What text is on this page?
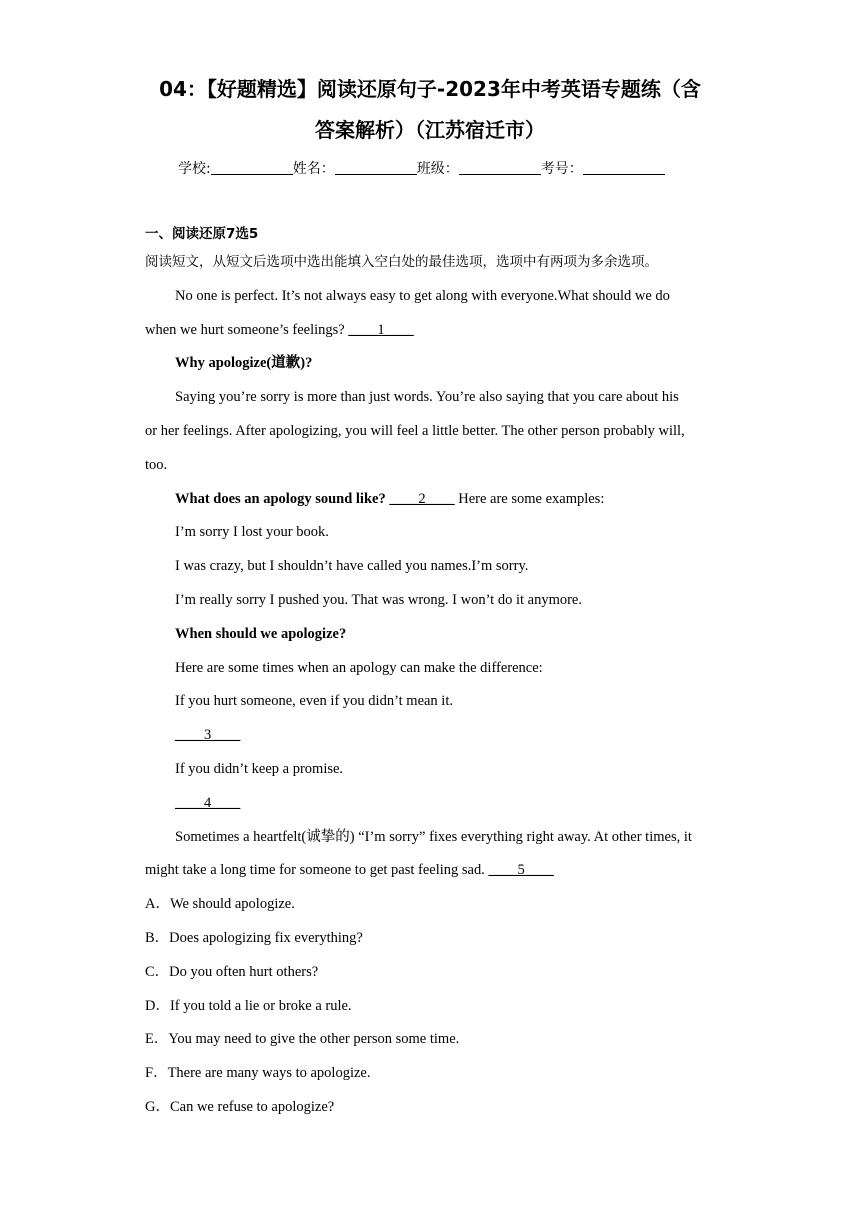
04：【好题精选】阅读还原句子-2023年中考英语专题练（含
答案解析）（江苏宿迁市）
学校:	姓名：	班级：	考号：
一、阅读还原7选5
阅读短文，从短文后选项中选出能填入空白处的最佳选项，选项中有两项为多余选项。
No one is perfect. It’s not always easy to get along with everyone.What should we do
when we hurt someone’s feelings? ____1____
Why apologize(道歉)?
Saying you’re sorry is more than just words. You’re also saying that you care about his
or her feelings. After apologizing, you will feel a little better. The other person probably will,
too.
What does an apology sound like? ____2____ Here are some examples:
I’m sorry I lost your book.
I was crazy, but I shouldn’t have called you names.I’m sorry.
I’m really sorry I pushed you. That was wrong. I won’t do it anymore.
When should we apologize?
Here are some times when an apology can make the difference:
If you hurt someone, even if you didn’t mean it.
____3____
If you didn’t keep a promise.
____4____
Sometimes a heartfelt(诚挚的) “I’m sorry” fixes everything right away. At other times, it
might take a long time for someone to get past feeling sad. ____5____
A．We should apologize.
B．Does apologizing fix everything?
C．Do you often hurt others?
D．If you told a lie or broke a rule.
E．You may need to give the other person some time.
F．There are many ways to apologize.
G．Can we refuse to apologize?
